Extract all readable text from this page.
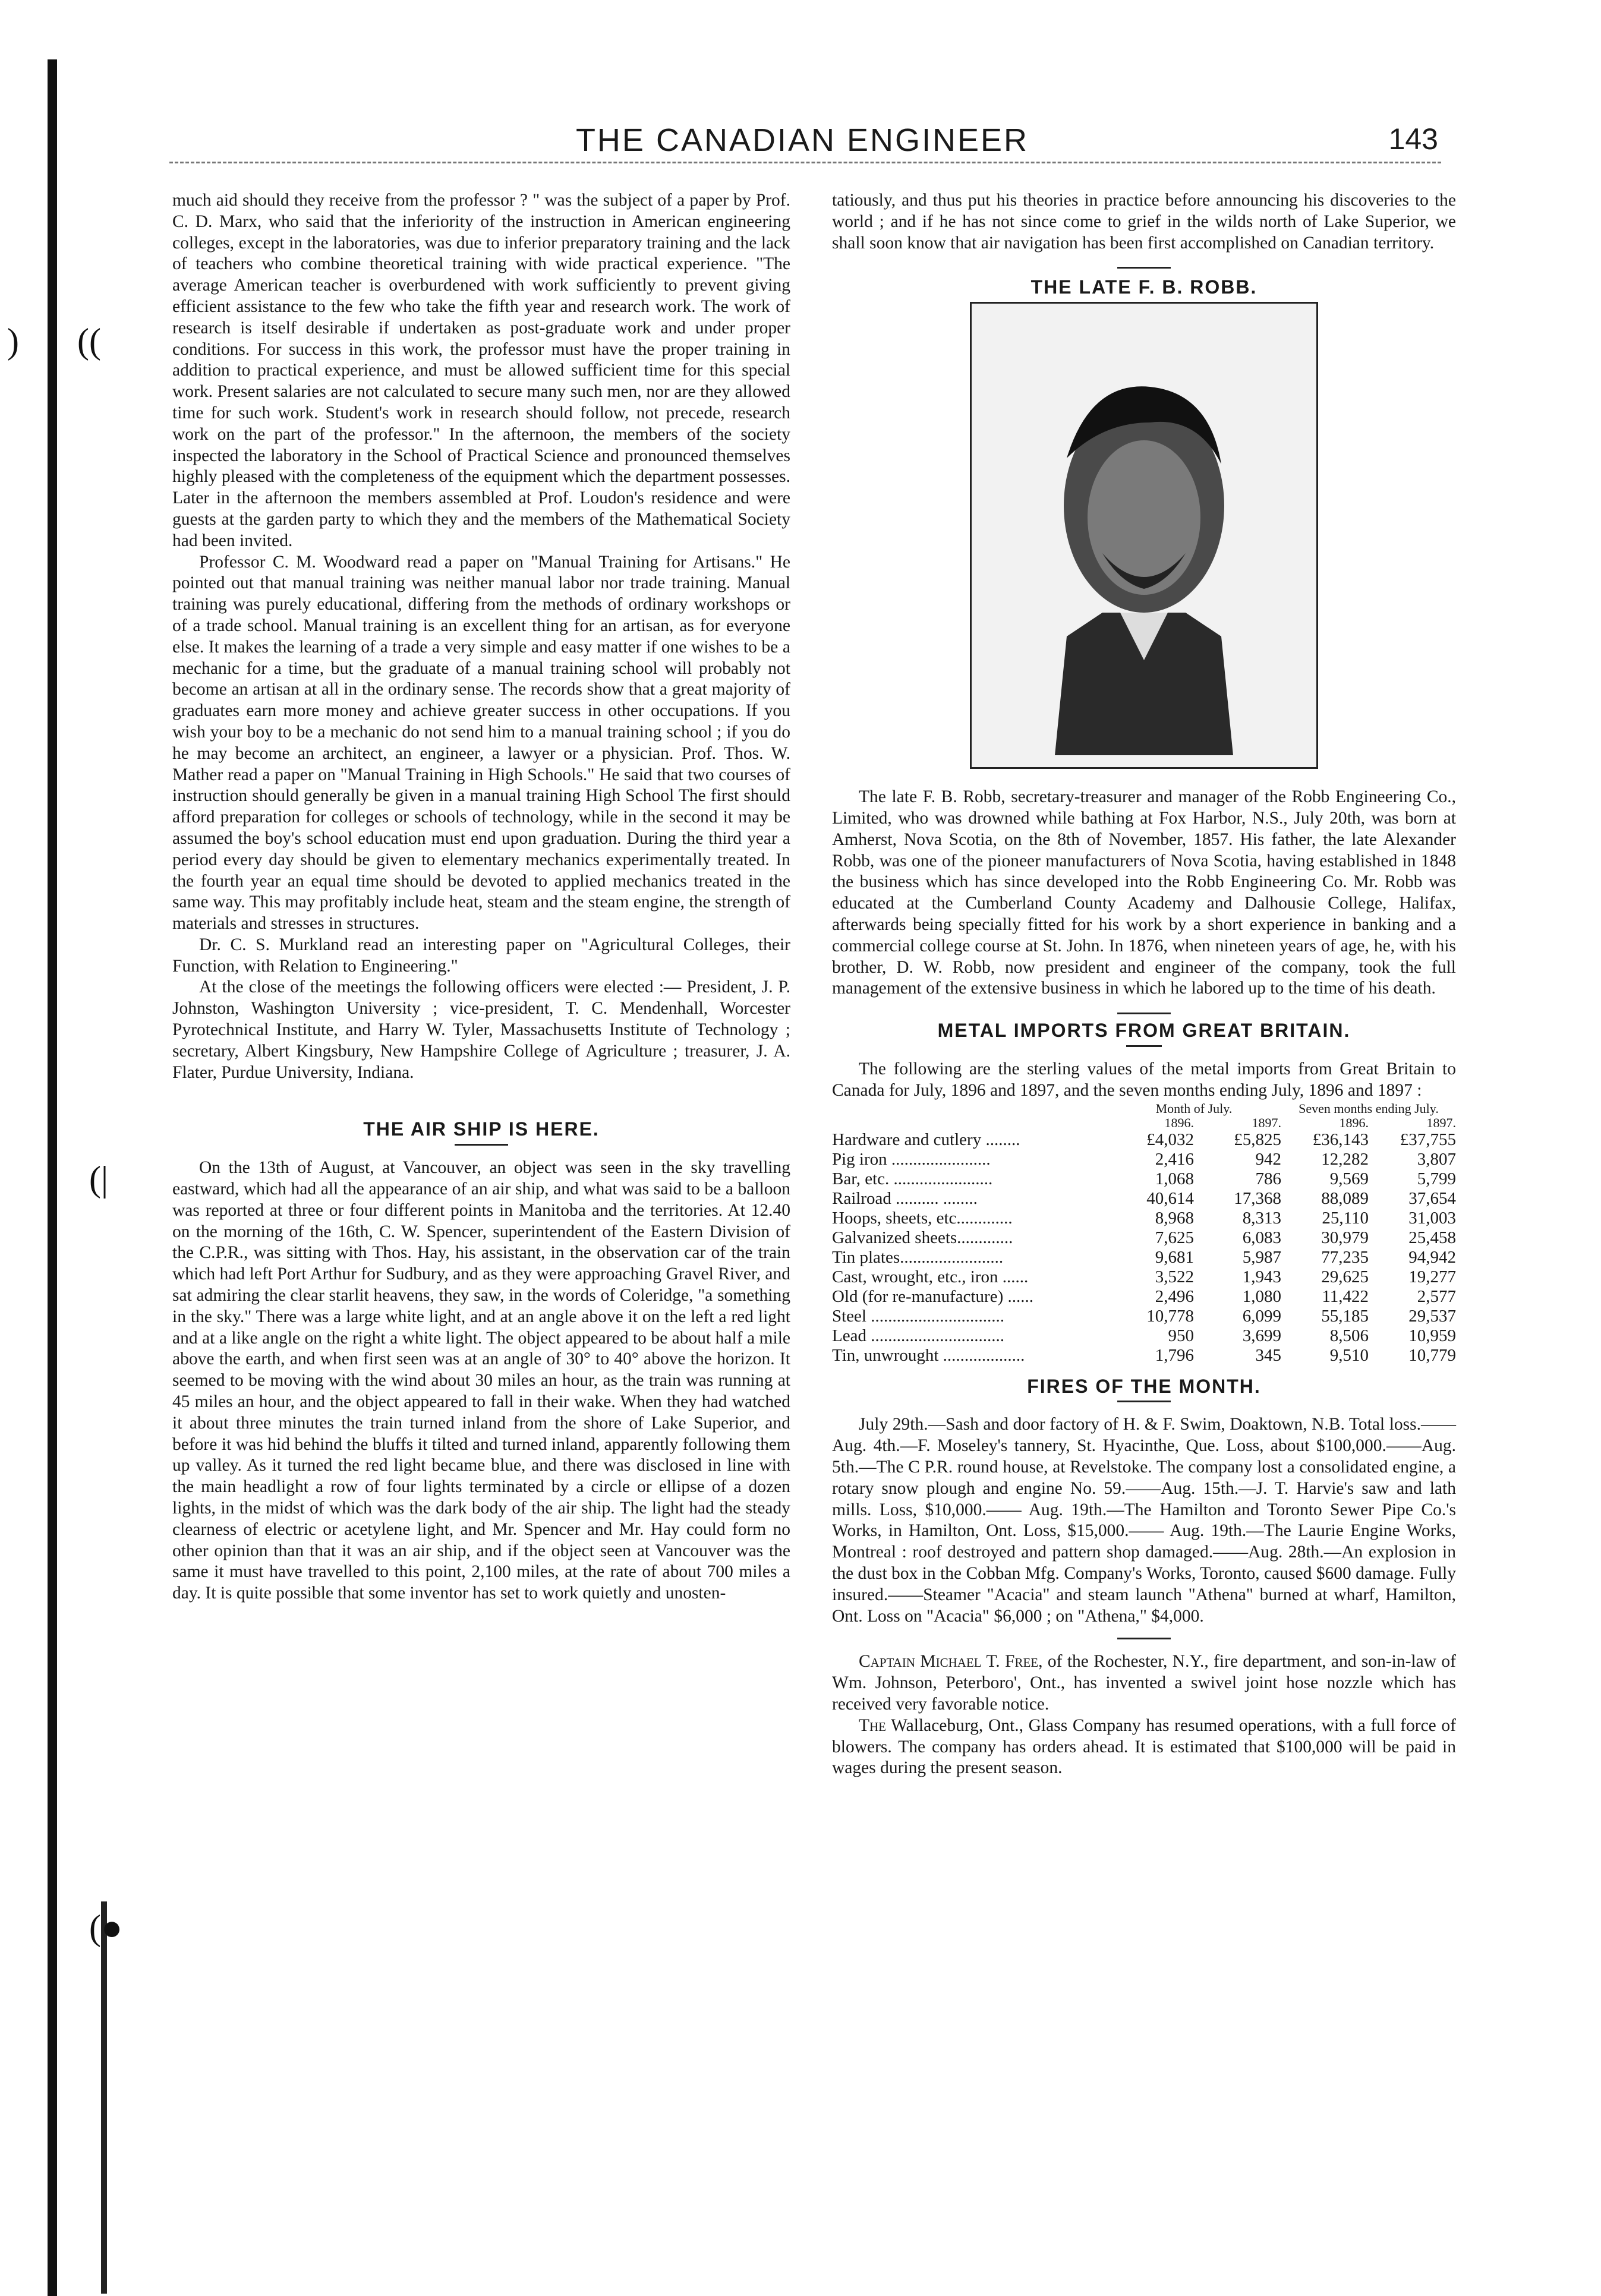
) ((
(|
(●
THE CANADIAN ENGINEER	143

much aid should they receive from the professor ? " was the subject of a paper by Prof. C. D. Marx, who said that the inferiority of the instruction in American engineering colleges, except in the laboratories, was due to inferior preparatory training and the lack of teachers who combine theoretical training with wide practical experience. "The average American teacher is overburdened with work sufficiently to prevent giving efficient assistance to the few who take the fifth year and research work. The work of research is itself desirable if undertaken as post-graduate work and under proper conditions. For success in this work, the professor must have the proper training in addition to practical experience, and must be allowed sufficient time for this special work. Present salaries are not calculated to secure many such men, nor are they allowed time for such work. Student's work in research should follow, not precede, research work on the part of the professor." In the afternoon, the members of the society inspected the laboratory in the School of Practical Science and pronounced themselves highly pleased with the completeness of the equipment which the department possesses. Later in the afternoon the members assembled at Prof. Loudon's residence and were guests at the garden party to which they and the members of the Mathematical Society had been invited.

Professor C. M. Woodward read a paper on "Manual Training for Artisans." He pointed out that manual training was neither manual labor nor trade training. Manual training was purely educational, differing from the methods of ordinary workshops or of a trade school. Manual training is an excellent thing for an artisan, as for everyone else. It makes the learning of a trade a very simple and easy matter if one wishes to be a mechanic for a time, but the graduate of a manual training school will probably not become an artisan at all in the ordinary sense. The records show that a great majority of graduates earn more money and achieve greater success in other occupations. If you wish your boy to be a mechanic do not send him to a manual training school ; if you do he may become an architect, an engineer, a lawyer or a physician. Prof. Thos. W. Mather read a paper on "Manual Training in High Schools." He said that two courses of instruction should generally be given in a manual training High School The first should afford preparation for colleges or schools of technology, while in the second it may be assumed the boy's school education must end upon graduation. During the third year a period every day should be given to elementary mechanics experimentally treated. In the fourth year an equal time should be devoted to applied mechanics treated in the same way. This may profitably include heat, steam and the steam engine, the strength of materials and stresses in structures.

Dr. C. S. Murkland read an interesting paper on "Agricultural Colleges, their Function, with Relation to Engineering."

At the close of the meetings the following officers were elected :— President, J. P. Johnston, Washington University ; vice-president, T. C. Mendenhall, Worcester Pyrotechnical Institute, and Harry W. Tyler, Massachusetts Institute of Technology ; secretary, Albert Kingsbury, New Hampshire College of Agriculture ; treasurer, J. A. Flater, Purdue University, Indiana.

THE AIR SHIP IS HERE.

On the 13th of August, at Vancouver, an object was seen in the sky travelling eastward, which had all the appearance of an air ship, and what was said to be a balloon was reported at three or four different points in Manitoba and the territories. At 12.40 on the morning of the 16th, C. W. Spencer, superintendent of the Eastern Division of the C.P.R., was sitting with Thos. Hay, his assistant, in the observation car of the train which had left Port Arthur for Sudbury, and as they were approaching Gravel River, and sat admiring the clear starlit heavens, they saw, in the words of Coleridge, "a something in the sky." There was a large white light, and at an angle above it on the left a red light and at a like angle on the right a white light. The object appeared to be about half a mile above the earth, and when first seen was at an angle of 30° to 40° above the horizon. It seemed to be moving with the wind about 30 miles an hour, as the train was running at 45 miles an hour, and the object appeared to fall in their wake. When they had watched it about three minutes the train turned inland from the shore of Lake Superior, and before it was hid behind the bluffs it tilted and turned inland, apparently following them up valley. As it turned the red light became blue, and there was disclosed in line with the main headlight a row of four lights terminated by a circle or ellipse of a dozen lights, in the midst of which was the dark body of the air ship. The light had the steady clearness of electric or acetylene light, and Mr. Spencer and Mr. Hay could form no other opinion than that it was an air ship, and if the object seen at Vancouver was the same it must have travelled to this point, 2,100 miles, at the rate of about 700 miles a day. It is quite possible that some inventor has set to work quietly and unosten-

tatiously, and thus put his theories in practice before announcing his discoveries to the world ; and if he has not since come to grief in the wilds north of Lake Superior, we shall soon know that air navigation has been first accomplished on Canadian territory.

THE LATE F. B. ROBB.

The late F. B. Robb, secretary-treasurer and manager of the Robb Engineering Co., Limited, who was drowned while bathing at Fox Harbor, N.S., July 20th, was born at Amherst, Nova Scotia, on the 8th of November, 1857. His father, the late Alexander Robb, was one of the pioneer manufacturers of Nova Scotia, having established in 1848 the business which has since developed into the Robb Engineering Co. Mr. Robb was educated at the Cumberland County Academy and Dalhousie College, Halifax, afterwards being specially fitted for his work by a short experience in banking and a commercial college course at St. John. In 1876, when nineteen years of age, he, with his brother, D. W. Robb, now president and engineer of the company, took the full management of the extensive business in which he labored up to the time of his death.

METAL IMPORTS FROM GREAT BRITAIN.

The following are the sterling values of the metal imports from Great Britain to Canada for July, 1896 and 1897, and the seven months ending July, 1896 and 1897 :

	Month of July.		Seven months ending July.	
	1896.	1897.	1896.	1897.
Hardware and cutlery ........	£4,032	£5,825	£36,143	£37,755
Pig iron .......................	2,416	942	12,282	3,807
Bar, etc. .......................	1,068	786	9,569	5,799
Railroad .......... ........	40,614	17,368	88,089	37,654
Hoops, sheets, etc.............	8,968	8,313	25,110	31,003
Galvanized sheets.............	7,625	6,083	30,979	25,458
Tin plates........................	9,681	5,987	77,235	94,942
Cast, wrought, etc., iron ......	3,522	1,943	29,625	19,277
Old (for re-manufacture) ......	2,496	1,080	11,422	2,577
Steel ...............................	10,778	6,099	55,185	29,537
Lead ...............................	950	3,699	8,506	10,959
Tin, unwrought ...................	1,796	345	9,510	10,779
FIRES OF THE MONTH.

July 29th.—Sash and door factory of H. & F. Swim, Doaktown, N.B. Total loss.——Aug. 4th.—F. Moseley's tannery, St. Hyacinthe, Que. Loss, about $100,000.——Aug. 5th.—The C P.R. round house, at Revelstoke. The company lost a consolidated engine, a rotary snow plough and engine No. 59.——Aug. 15th.—J. T. Harvie's saw and lath mills. Loss, $10,000.—— Aug. 19th.—The Hamilton and Toronto Sewer Pipe Co.'s Works, in Hamilton, Ont. Loss, $15,000.—— Aug. 19th.—The Laurie Engine Works, Montreal : roof destroyed and pattern shop damaged.——Aug. 28th.—An explosion in the dust box in the Cobban Mfg. Company's Works, Toronto, caused $600 damage. Fully insured.——Steamer "Acacia" and steam launch "Athena" burned at wharf, Hamilton, Ont. Loss on "Acacia" $6,000 ; on "Athena," $4,000.

Captain Michael T. Free, of the Rochester, N.Y., fire department, and son-in-law of Wm. Johnson, Peterboro', Ont., has invented a swivel joint hose nozzle which has received very favorable notice.

The Wallaceburg, Ont., Glass Company has resumed operations, with a full force of blowers. The company has orders ahead. It is estimated that $100,000 will be paid in wages during the present season.
